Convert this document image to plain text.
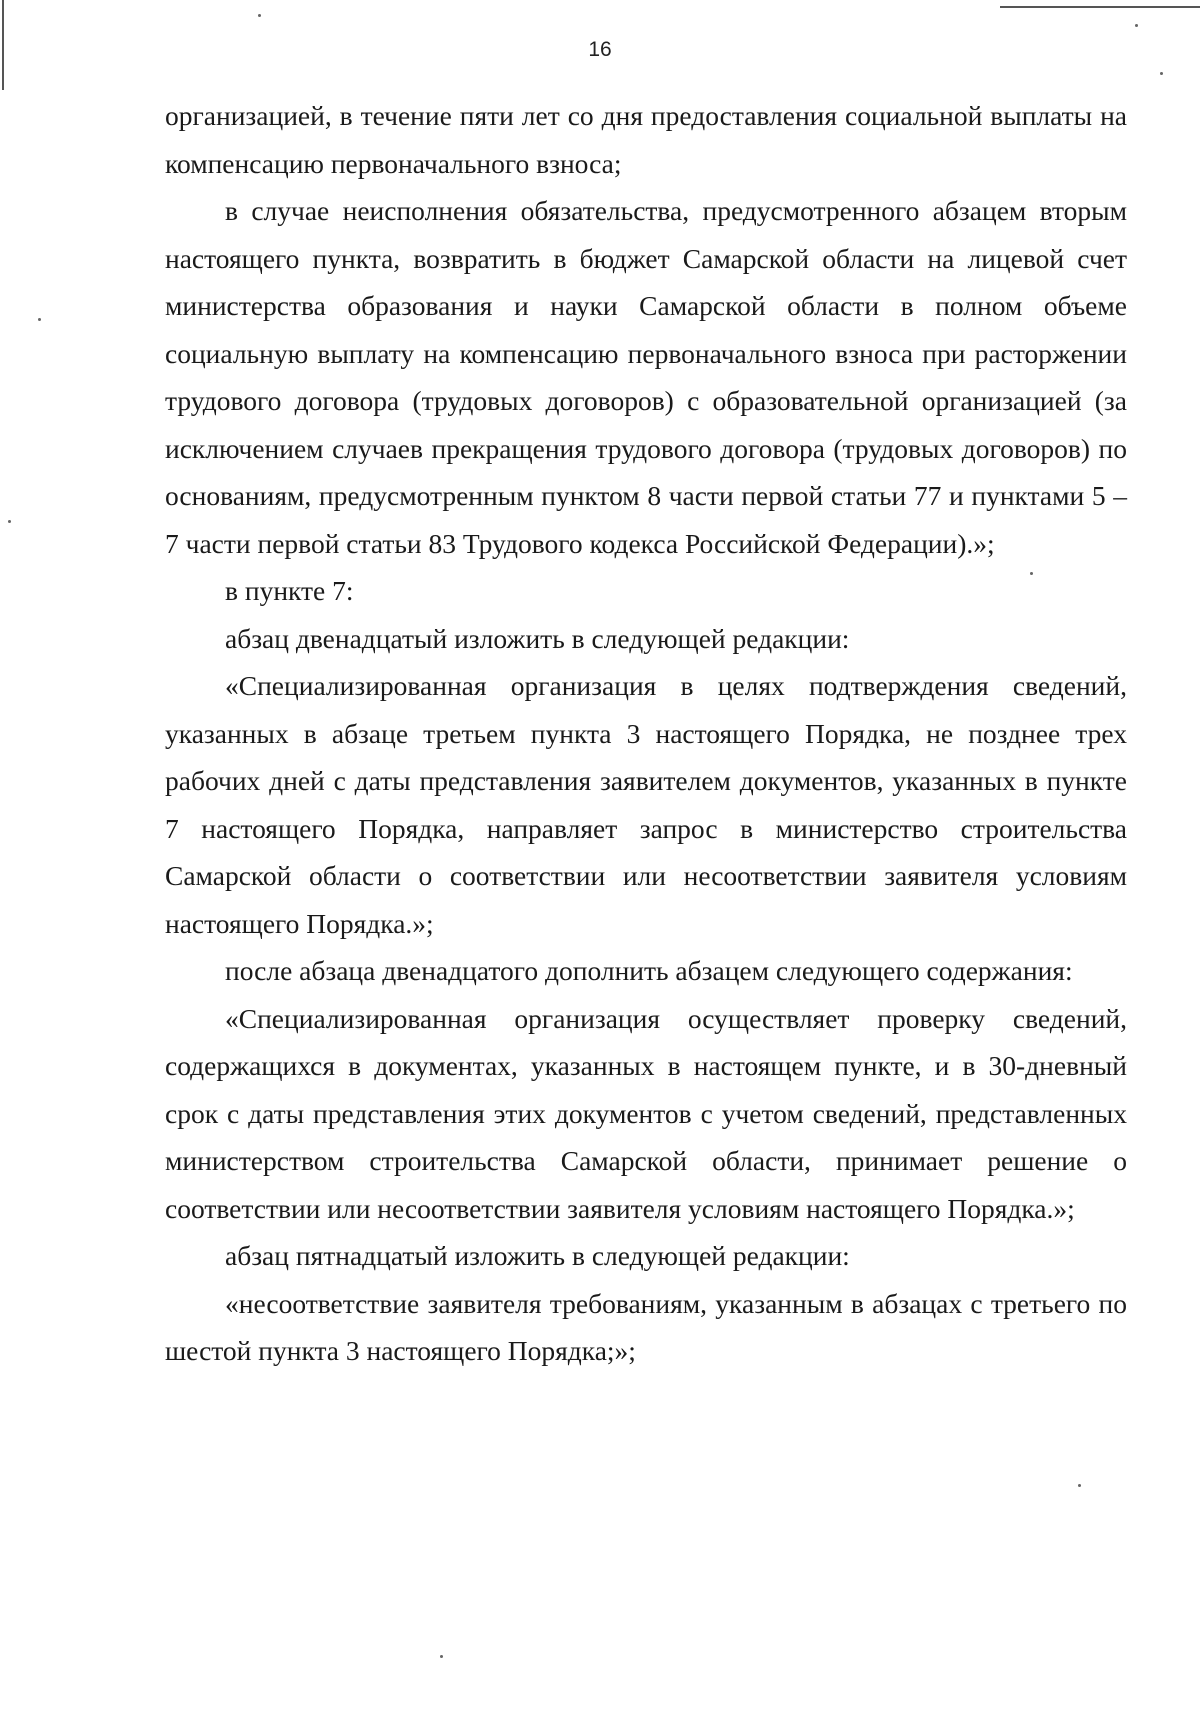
16

организацией, в течение пяти лет со дня предоставления социальной выплаты на компенсацию первоначального взноса;

в случае неисполнения обязательства, предусмотренного абзацем вторым настоящего пункта, возвратить в бюджет Самарской области на лицевой счет министерства образования и науки Самарской области в полном объеме социальную выплату на компенсацию первоначального взноса при расторжении трудового договора (трудовых договоров) с образовательной организацией (за исключением случаев прекращения трудового договора (трудовых договоров) по основаниям, предусмотренным пунктом 8 части первой статьи 77 и пунктами 5 – 7 части первой статьи 83 Трудового кодекса Российской Федерации).»;

в пункте 7:

абзац двенадцатый изложить в следующей редакции:

«Специализированная организация в целях подтверждения сведений, указанных в абзаце третьем пункта 3 настоящего Порядка, не позднее трех рабочих дней с даты представления заявителем документов, указанных в пункте 7 настоящего Порядка, направляет запрос в министерство строительства Самарской области о соответствии или несоответствии заявителя условиям настоящего Порядка.»;

после абзаца двенадцатого дополнить абзацем следующего содержания:

«Специализированная организация осуществляет проверку сведений, содержащихся в документах, указанных в настоящем пункте, и в 30-дневный срок с даты представления этих документов с учетом сведений, представленных министерством строительства Самарской области, принимает решение о соответствии или несоответствии заявителя условиям настоящего Порядка.»;

абзац пятнадцатый изложить в следующей редакции:

«несоответствие заявителя требованиям, указанным в абзацах с третьего по шестой пункта 3 настоящего Порядка;»;
